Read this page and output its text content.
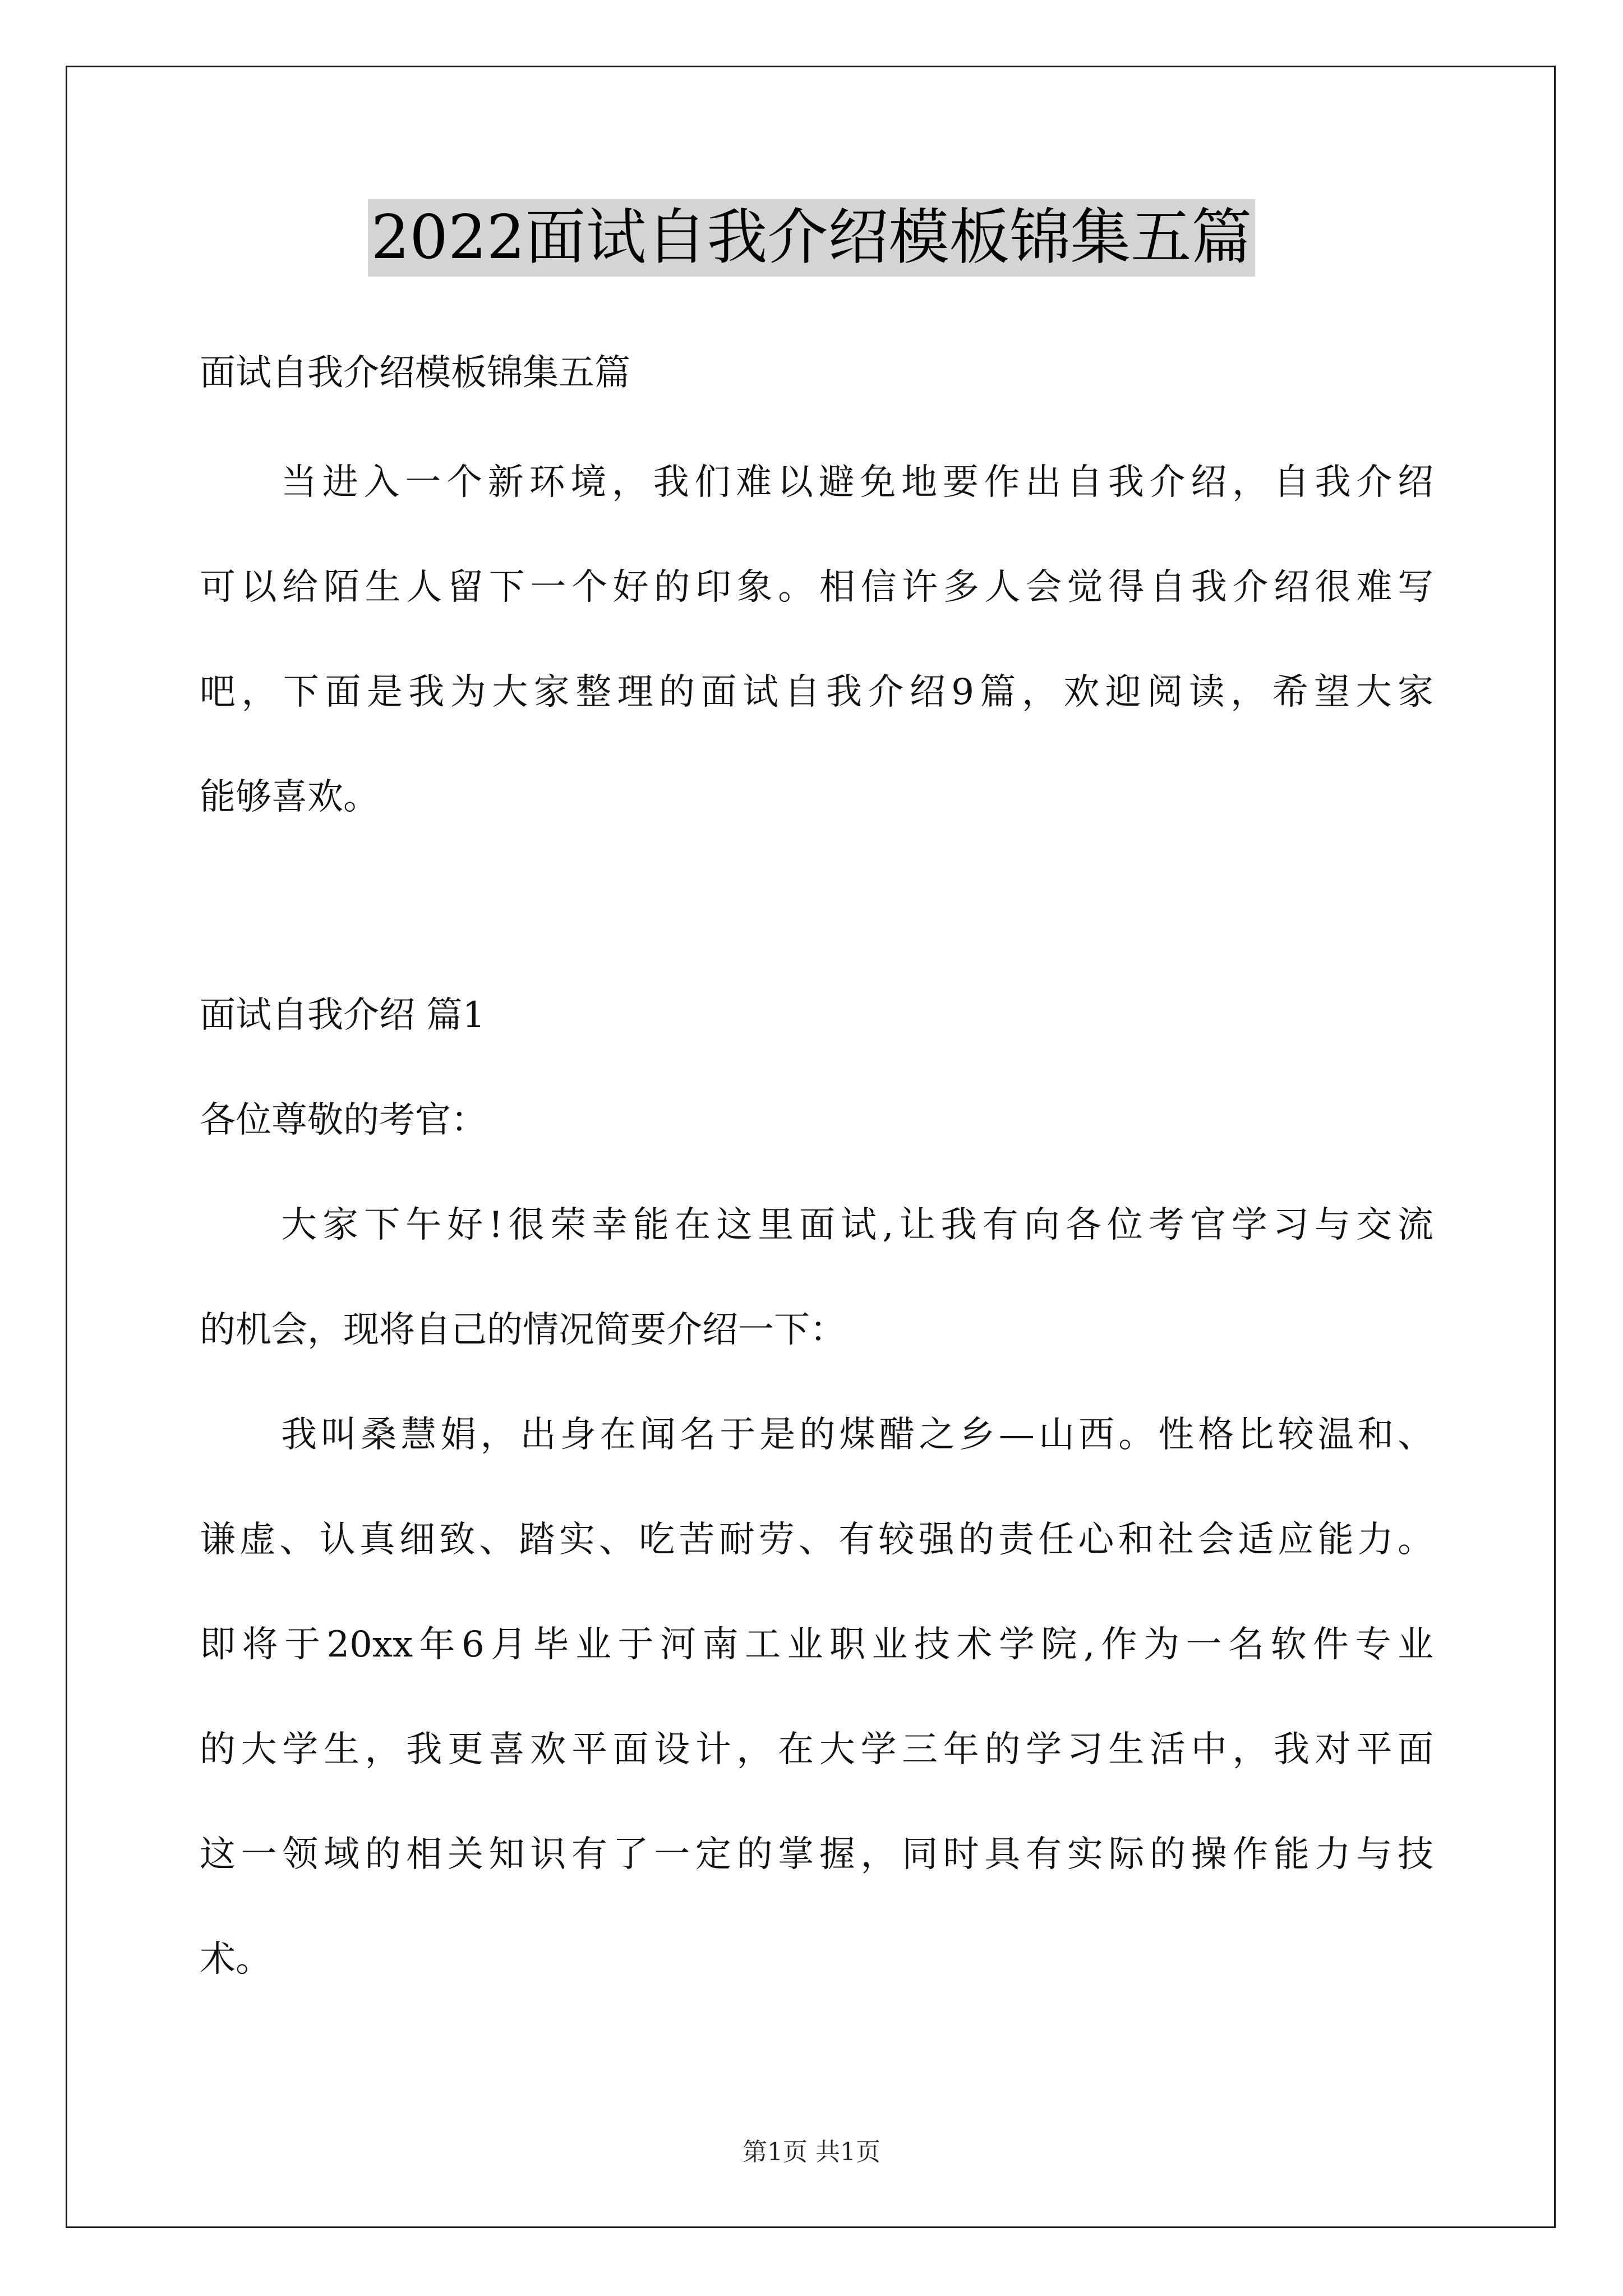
2022面试自我介绍模板锦集五篇
面试自我介绍模板锦集五篇
当进入一个新环境，我们难以避免地要作出自我介绍，自我介绍
可以给陌生人留下一个好的印象。相信许多人会觉得自我介绍很难写
吧，下面是我为大家整理的面试自我介绍9篇，欢迎阅读，希望大家
能够喜欢。
面试自我介绍 篇1
各位尊敬的考官：
大家下午好!很荣幸能在这里面试,让我有向各位考官学习与交流
的机会，现将自己的情况简要介绍一下：
我叫桑慧娟，出身在闻名于是的煤醋之乡—山西。性格比较温和、
谦虚、认真细致、踏实、吃苦耐劳、有较强的责任心和社会适应能力。
即将于20xx年6月毕业于河南工业职业技术学院,作为一名软件专业
的大学生，我更喜欢平面设计，在大学三年的学习生活中，我对平面
这一领域的相关知识有了一定的掌握，同时具有实际的操作能力与技
术。
第1页 共1页
